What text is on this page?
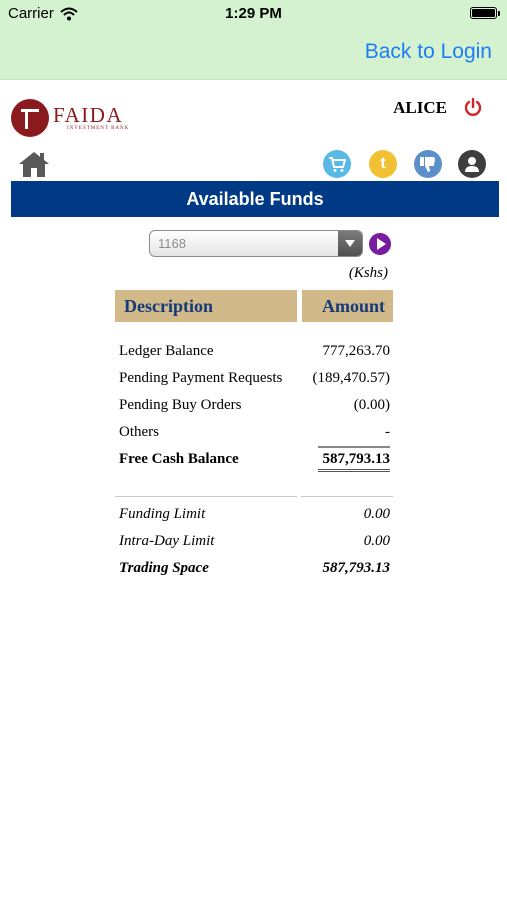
Carrier	1:29 PM
Back to Login
FAIDA
INVESTMENT BANK
ALICE
t
Available Funds
1168
(Kshs)
Description	Amount
Ledger Balance	777,263.70
Pending Payment Requests (189,470.57)
Pending Buy Orders	(0.00)
Others	-
Free Cash Balance	587,793.13
Funding Limit	0.00
Intra-Day Limit	0.00
Trading Space	587,793.13
